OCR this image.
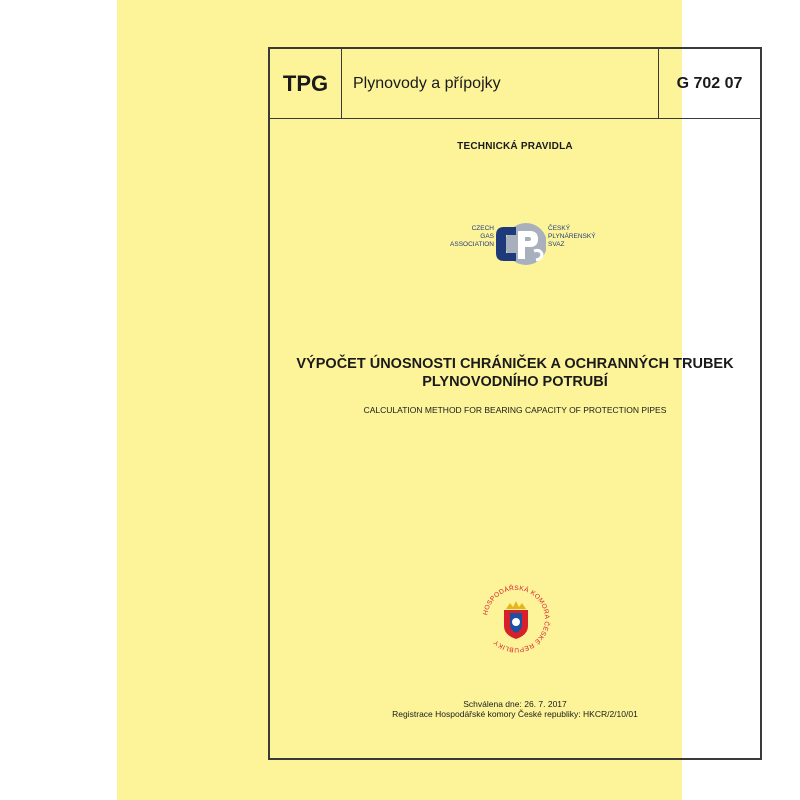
TPG	Plynovody a přípojky	G 702 07
TECHNICKÁ PRAVIDLA
CZECH
GAS
ASSOCIATION
ČESKÝ
PLYNÁRENSKÝ
SVAZ
VÝPOČET ÚNOSNOSTI CHRÁNIČEK A OCHRANNÝCH TRUBEK
PLYNOVODNÍHO POTRUBÍ
CALCULATION METHOD FOR BEARING CAPACITY OF PROTECTION PIPES
HOSPODÁŘSKÁ KOMORA ČESKÉ REPUBLIKY
Schválena dne: 26. 7. 2017
Registrace Hospodářské komory České republiky: HKCR/2/10/01
